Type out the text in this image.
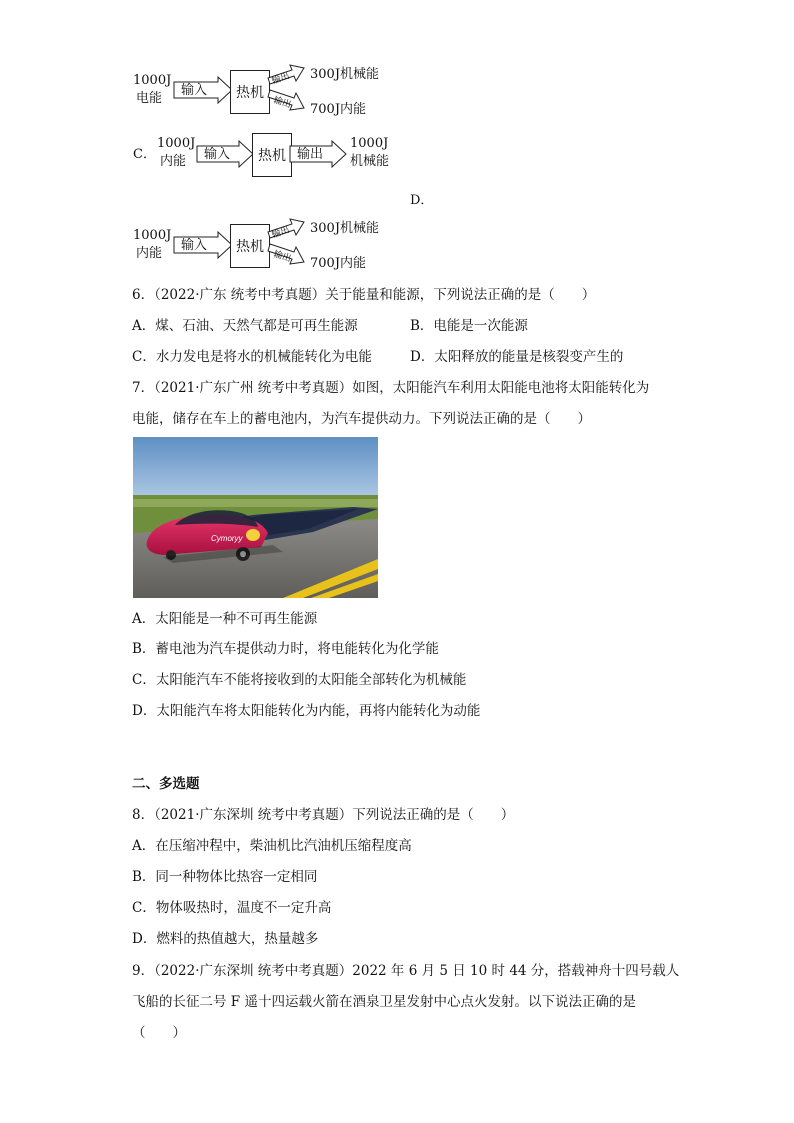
1000J
电能
输入	热机
输出
输出
300J机械能
700J内能
C．
1000J
内能 输入	热机 输出
1000J
机械能
D．
1000J
内能
输入	热机
输出
输出
300J机械能
700J内能
6．（2022·广东 统考中考真题）关于能量和能源，下列说法正确的是（　　）
A．煤、石油、天然气都是可再生能源	B．电能是一次能源
C．水力发电是将水的机械能转化为电能	D．太阳释放的能量是核裂变产生的
7．（2021·广东广州 统考中考真题）如图，太阳能汽车利用太阳能电池将太阳能转化为
电能，储存在车上的蓄电池内，为汽车提供动力。下列说法正确的是（　　）
Cymoryy
A．太阳能是一种不可再生能源
B．蓄电池为汽车提供动力时，将电能转化为化学能
C．太阳能汽车不能将接收到的太阳能全部转化为机械能
D．太阳能汽车将太阳能转化为内能，再将内能转化为动能
二、多选题
8．（2021·广东深圳 统考中考真题）下列说法正确的是（　　）
A．在压缩冲程中，柴油机比汽油机压缩程度高
B．同一种物体比热容一定相同
C．物体吸热时，温度不一定升高
D．燃料的热值越大，热量越多
9．（2022·广东深圳 统考中考真题）2022 年 6 月 5 日 10 时 44 分，搭载神舟十四号载人
飞船的长征二号 F 遥十四运载火箭在酒泉卫星发射中心点火发射。以下说法正确的是
（　　）
